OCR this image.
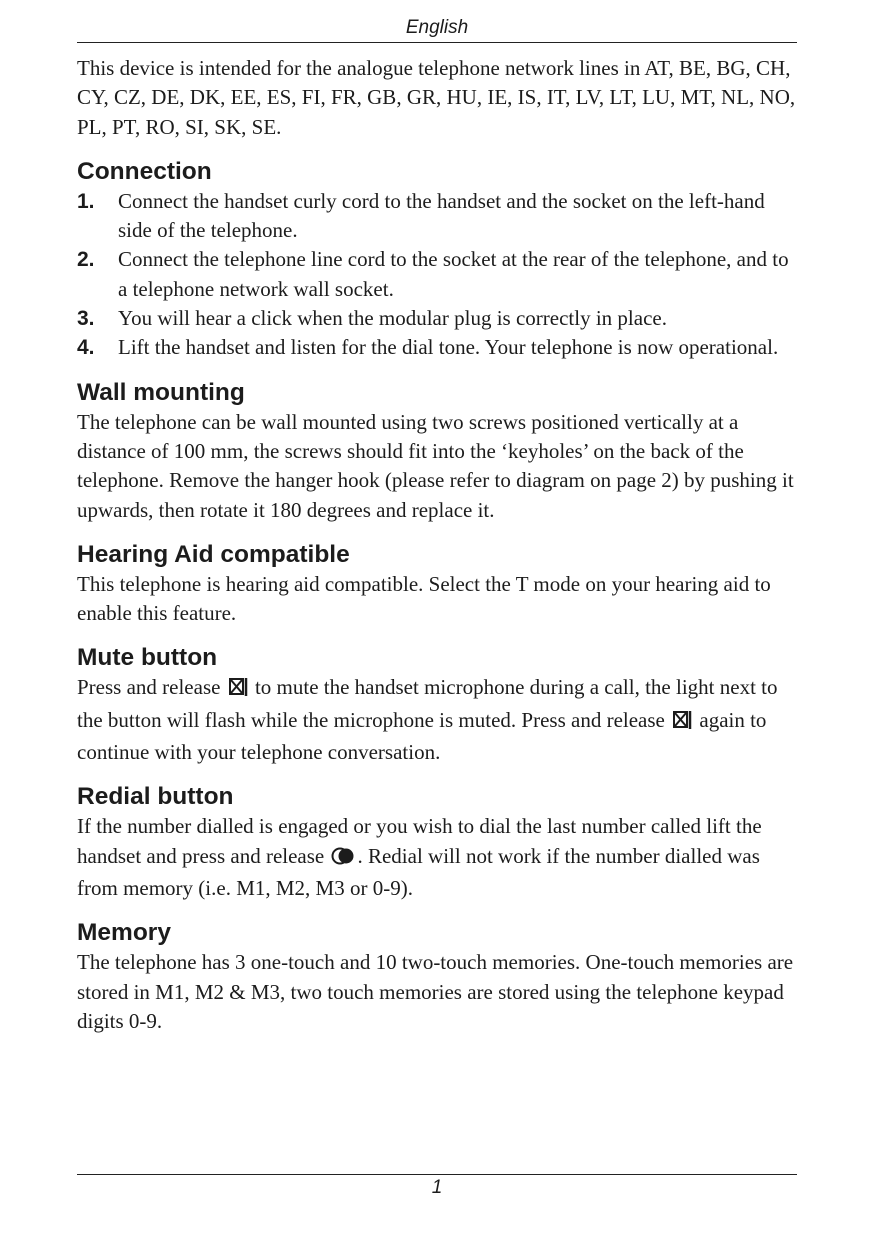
English

This device is intended for the analogue telephone network lines in AT, BE, BG, CH, CY, CZ, DE, DK, EE, ES, FI, FR, GB, GR, HU, IE, IS, IT, LV, LT, LU, MT, NL, NO, PL, PT, RO, SI, SK, SE.

Connection
1.	Connect the handset curly cord to the handset and the socket on the left-hand side of the telephone.
2.	Connect the telephone line cord to the socket at the rear of the telephone, and to a telephone network wall socket.
3.	You will hear a click when the modular plug is correctly in place.
4.	Lift the handset and listen for the dial tone. Your telephone is now operational.
Wall mounting

The telephone can be wall mounted using two screws positioned vertically at a distance of 100 mm, the screws should fit into the ‘keyholes’ on the back of the telephone. Remove the hanger hook (please refer to diagram on page 2) by pushing it upwards, then rotate it 180 degrees and replace it.

Hearing Aid compatible

This telephone is hearing aid compatible. Select the T mode on your hearing aid to enable this feature.

Mute button

Press and release to mute the handset microphone during a call, the light next to the button will flash while the microphone is muted. Press and release again to continue with your telephone conversation.

Redial button

If the number dialled is engaged or you wish to dial the last number called lift the handset and press and release . Redial will not work if the number dialled was from memory (i.e. M1, M2, M3 or 0-9).

Memory

The telephone has 3 one-touch and 10 two-touch memories. One-touch memories are stored in M1, M2 & M3, two touch memories are stored using the telephone keypad digits 0-9.

1
